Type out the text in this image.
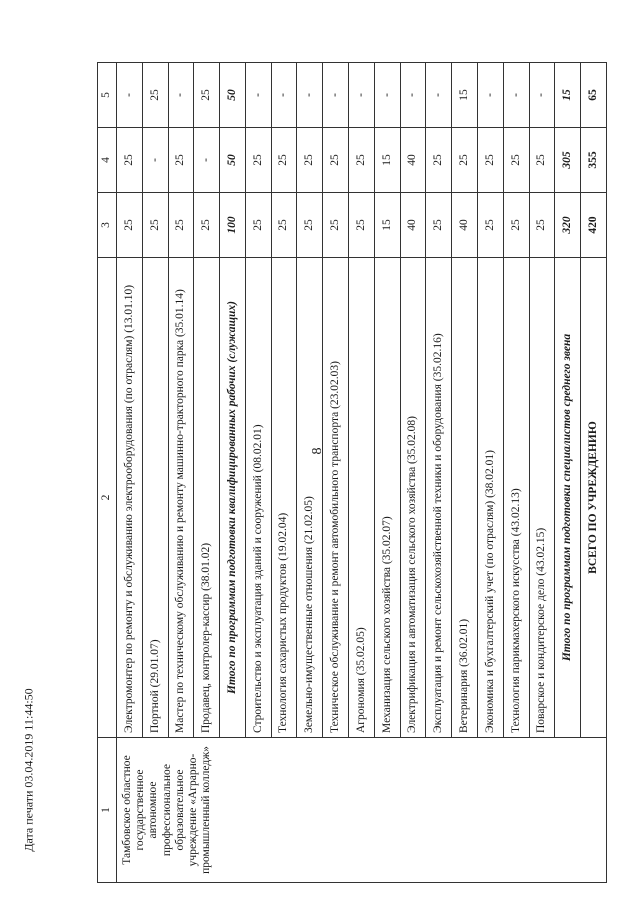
8
Дата печати 03.04.2019 11:44:50	1	2	3	4	5
Тамбовское областное государственное автономное профессиональное образовательное учреждение «Аграрно-промышленный колледж»	Электромонтер по ремонту и обслуживанию электрооборудования (по отраслям) (13.01.10)	25	25	-
	Портной (29.01.07)	25	-	25
	Мастер по техническому обслуживанию и ремонту машинно-тракторного парка (35.01.14)	25	25	-
	Продавец, контролер-кассир (38.01.02)	25	-	25
	Итого по программам подготовки квалифицированных рабочих (служащих)	100	50	50
	Строительство и эксплуатация зданий и сооружений (08.02.01)	25	25	-
	Технология сахаристых продуктов (19.02.04)	25	25	-
	Земельно-имущественные отношения (21.02.05)	25	25	-
	Техническое обслуживание и ремонт автомобильного транспорта (23.02.03)	25	25	-
	Агрономия (35.02.05)	25	25	-
	Механизация сельского хозяйства (35.02.07)	15	15	-
	Электрификация и автоматизация сельского хозяйства (35.02.08)	40	40	-
	Эксплуатация и ремонт сельскохозяйственной техники и оборудования (35.02.16)	25	25	-
	Ветеринария (36.02.01)	40	25	15
	Экономика и бухгалтерский учет (по отраслям) (38.02.01)	25	25	-
	Технология парикмахерского искусства (43.02.13)	25	25	-
	Поварское и кондитерское дело (43.02.15)	25	25	-
	Итого по программам подготовки специалистов среднего звена	320	305	15
	ВСЕГО ПО УЧРЕЖДЕНИЮ	420	355	65
